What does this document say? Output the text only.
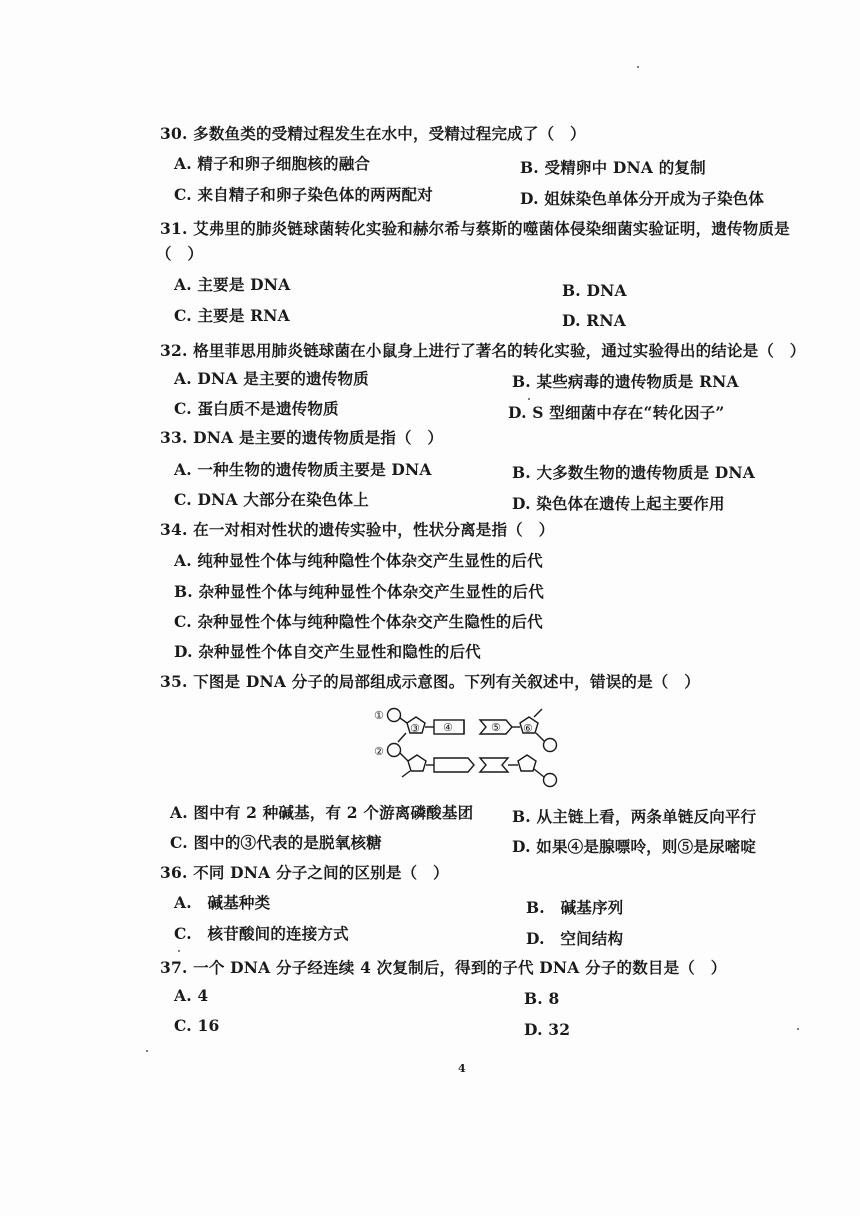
30. 多数鱼类的受精过程发生在水中，受精过程完成了（　）
A. 精子和卵子细胞核的融合	B. 受精卵中 DNA 的复制
C. 来自精子和卵子染色体的两两配对	D. 姐妹染色单体分开成为子染色体
31. 艾弗里的肺炎链球菌转化实验和赫尔希与蔡斯的噬菌体侵染细菌实验证明，遗传物质是
（　）
A. 主要是 DNA	B. DNA
C. 主要是 RNA	D. RNA
32. 格里菲思用肺炎链球菌在小鼠身上进行了著名的转化实验，通过实验得出的结论是（　）
A. DNA 是主要的遗传物质	B. 某些病毒的遗传物质是 RNA
C. 蛋白质不是遗传物质	D. S 型细菌中存在“转化因子”
33. DNA 是主要的遗传物质是指（　）
A. 一种生物的遗传物质主要是 DNA	B. 大多数生物的遗传物质是 DNA
C. DNA 大部分在染色体上	D. 染色体在遗传上起主要作用
34. 在一对相对性状的遗传实验中，性状分离是指（　）
A. 纯种显性个体与纯种隐性个体杂交产生显性的后代
B. 杂种显性个体与纯种显性个体杂交产生显性的后代
C. 杂种显性个体与纯种隐性个体杂交产生隐性的后代
D. 杂种显性个体自交产生显性和隐性的后代
35. 下图是 DNA 分子的局部组成示意图。下列有关叙述中，错误的是（　）
①
②
③ ④	⑤ ⑥
A. 图中有 2 种碱基，有 2 个游离磷酸基团 B. 从主链上看，两条单链反向平行
C. 图中的③代表的是脱氧核糖	D. 如果④是腺嘌呤，则⑤是尿嘧啶
36. 不同 DNA 分子之间的区别是（　）
A.　碱基种类	B.　碱基序列
C.　核苷酸间的连接方式	D.　空间结构
37. 一个 DNA 分子经连续 4 次复制后，得到的子代 DNA 分子的数目是（　）
A. 4	B. 8
C. 16	D. 32
4
